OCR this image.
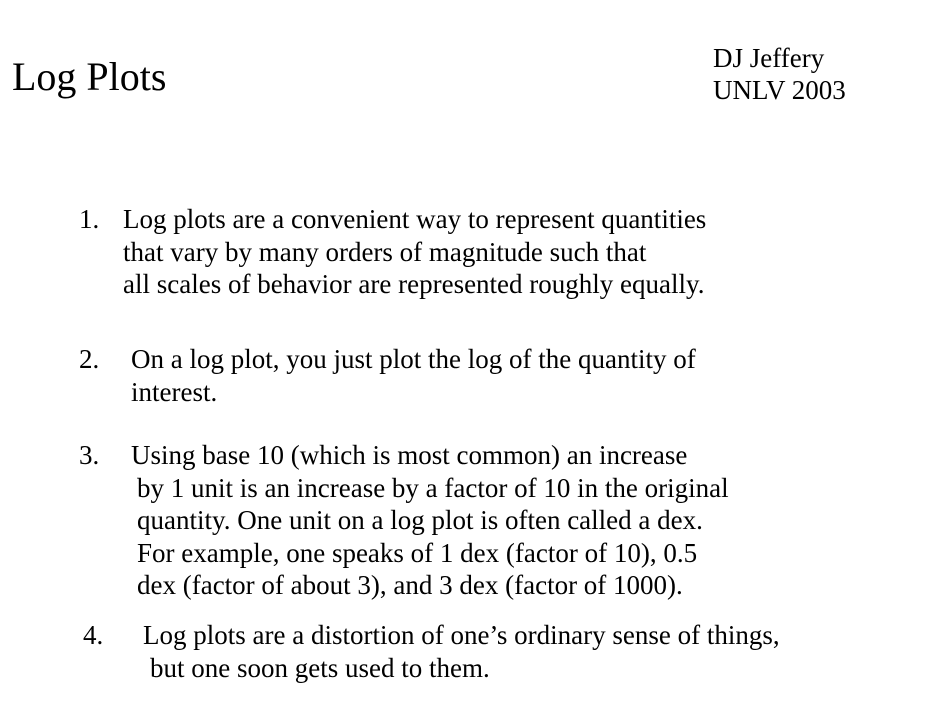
Log Plots	DJ Jeffery
UNLV 2003
1. Log plots are a convenient way to represent quantities
that vary by many orders of magnitude such that
all scales of behavior are represented roughly equally.
2. On a log plot, you just plot the log of the quantity of
interest.
3. Using base 10 (which is most common) an increase
by 1 unit is an increase by a factor of 10 in the original
quantity. One unit on a log plot is often called a dex.
For example, one speaks of 1 dex (factor of 10), 0.5
dex (factor of about 3), and 3 dex (factor of 1000).
4. Log plots are a distortion of one’s ordinary sense of things,
but one soon gets used to them.
